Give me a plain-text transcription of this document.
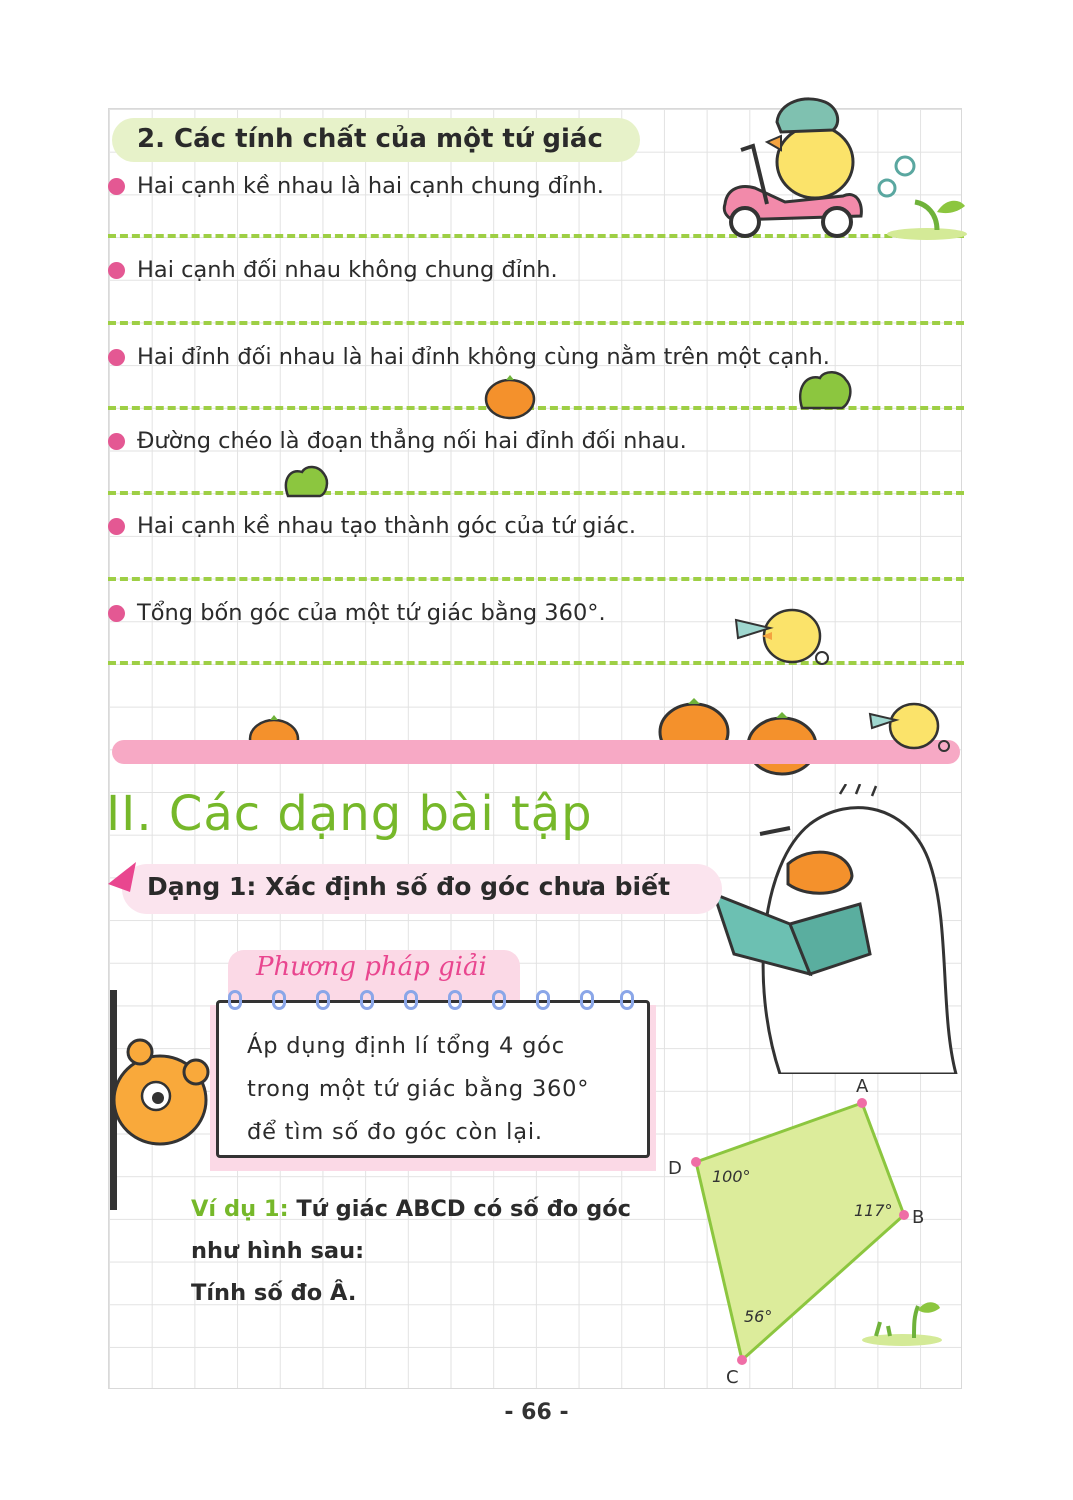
2. Các tính chất của một tứ giác
Hai cạnh kề nhau là hai cạnh chung đỉnh.
Hai cạnh đối nhau không chung đỉnh.
Hai đỉnh đối nhau là hai đỉnh không cùng nằm trên một cạnh.
Đường chéo là đoạn thẳng nối hai đỉnh đối nhau.
Hai cạnh kề nhau tạo thành góc của tứ giác.
Tổng bốn góc của một tứ giác bằng 360°.
II. Các dạng bài tập
Dạng 1: Xác định số đo góc chưa biết
Phương pháp giải
Áp dụng định lí tổng 4 góc
trong một tứ giác bằng 360°
để tìm số đo góc còn lại.
Ví dụ 1: Tứ giác ABCD có số đo góc
như hình sau:
Tính số đo Â.
A
B
C
D 100°
117°
56°
- 66 -
